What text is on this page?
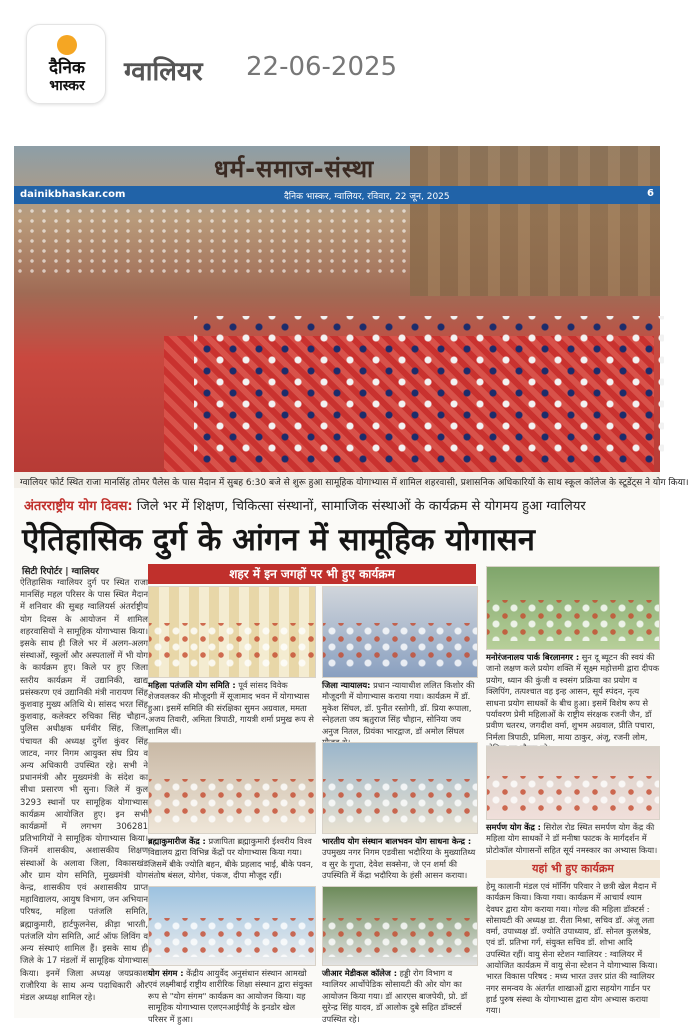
दैनिक
भास्कर	ग्वालियर 22-06-2025
धर्म-समाज-संस्था
dainikbhaskar.com	दैनिक भास्कर, ग्वालियर, रविवार, 22 जून, 2025	6
ग्वालियर फोर्ट स्थित राजा मानसिंह तोमर पैलेस के पास मैदान में सुबह 6:30 बजे से शुरू हुआ सामूहिक योगाभ्यास में शामिल शहरवासी, प्रशासनिक अधिकारियों के साथ स्कूल कॉलेज के स्टूडेंट्स ने योग किया।
अंतरराष्ट्रीय योग दिवस: जिले भर में शिक्षण, चिकित्सा संस्थानों, सामाजिक संस्थाओं के कार्यक्रम से योगमय हुआ ग्वालियर
ऐतिहासिक दुर्ग के आंगन में सामूहिक योगासन
सिटी रिपोर्टर | ग्वालियर
ऐतिहासिक ग्वालियर दुर्ग पर स्थित राजा मानसिंह महल परिसर के पास स्थित मैदान में शनिवार की सुबह ग्वालियर्स अंतर्राष्ट्रीय योग दिवस के आयोजन में शामिल शहरवासियों ने सामूहिक योगाभ्यास किया। इसके साथ ही जिले भर में अलग-अलग संस्थाओं, स्कूलों और अस्पतालों में भी योग के कार्यक्रम हुए। किले पर हुए जिला स्तरीय कार्यक्रम में उद्यानिकी, खाद्य प्रसंस्करण एवं उद्यानिकी मंत्री नारायण सिंह कुशवाह मुख्य अतिथि थे। सांसद भरत सिंह कुशवाह, कलेक्टर रुचिका सिंह चौहान, पुलिस अधीक्षक धर्मवीर सिंह, जिला पंचायत की अध्यक्ष दुर्गेश कुंवर सिंह जाटव, नगर निगम आयुक्त संघ प्रिय व अन्य अधिकारी उपस्थित रहे। सभी ने प्रधानमंत्री और मुख्यमंत्री के संदेश का सीधा प्रसारण भी सुना। जिले में कुल 3293 स्थानों पर सामूहिक योगाभ्यास कार्यक्रम आयोजित हुए। इन सभी कार्यक्रमों में लगभग 306281 प्रतिभागियों ने सामूहिक योगाभ्यास किया। जिनमें शासकीय, अशासकीय शिक्षण संस्थाओं के अलावा जिला, विकासखंड और ग्राम योग समिति, मुख्यमंत्री योग केन्द्र, शासकीय एवं अशासकीय प्राप्त महाविद्यालय, आयुष विभाग, जन अभियान परिषद, महिला पतंजलि समिति, ब्रह्माकुमारी, हार्टफुलनेस, क्रीड़ा भारती, पतंजलि योग समिति, आर्ट ऑफ लिविंग व अन्य संस्थाएं शामिल हैं। इसके साथ ही जिले के 17 मंडलों में सामूहिक योगाभ्यास किया। इनमें जिला अध्यक्ष जयप्रकाश राजौरिया के साथ अन्य पदाधिकारी और मंडल अध्यक्ष शामिल रहे।
शहर में इन जगहों पर भी हुए कार्यक्रम
महिला पतंजलि योग समिति : पूर्व सांसद विवेक शेजवलकर की मौजूदगी में सूजामाद भवन में योगाभ्यास हुआ। इसमें समिति की संरक्षिका सुमन अग्रवाल, ममता अजय तिवारी, अमिता त्रिपाठी, गायत्री शर्मा प्रमुख रूप से शामिल थीं।
जिला न्यायालय: प्रधान न्यायाधीश ललित किशोर की मौजूदगी में योगाभ्यास कराया गया। कार्यक्रम में डॉ. मुकेश सिंघल, डॉ. पुनीत रस्तोगी, डॉ. प्रिया रूपाला, स्नेहलता जय ऋतुराज सिंह चौहान, सोनिया जय अनुज नितल, प्रियंका भारद्वाज, डॉ अमोल सिंघल
मनोरंजनालय पार्क बिरलानगर : सुन दू ब्यूटन की स्वयं की जानो लक्षण कले प्रयोग शक्ति में सूक्ष्म महोत्तमी द्वारा दीपक प्रयोग, ध्यान की कुंजी व स्वसंग प्रक्रिया का प्रयोग व क्लिपिंग, तत्पश्चात वह इन्ह आसन, सूर्य स्पंदन, नृत्य साधना प्रयोग साधकों के बीच हुआ। इसमें विशेष रूप से पर्यावरण प्रेमी महिलाओं के राष्ट्रीय संरक्षक रजनी जैन, डॉ प्रवीण चतरथ, जगदीश वर्मा, शुभम अग्रवाल, प्रीति पचारा, निर्मला त्रिपाठी, प्रमिला, माया ठाकुर, अंजू, रजनी लोम,
ब्रह्माकुमारीज केंद्र : प्रजापिता ब्रह्माकुमारी ईश्वरीय विश्व विद्यालय द्वारा विभिन्न केंद्रों पर योगाभ्यास किया गया। जिसमें बीके ज्योति बहन, बीके प्रहलाद भाई, बीके पवन, संतोष बंसल, योगेश, पंकज, दीपा मौजूद रहीं।
भारतीय योग संस्थान बालभवन योग साधना केन्द्र : उपमुख्य नगर निगम एडवीसा भदौरिया के मुख्यातिथ्य व सुर के गुप्ता, देवेश सक्सेना, जे एन शर्मा की उपस्थिति में केंद्रा भदौरिया के हंसी आसन कराया।
समर्पण योग केंद्र : सिरोल रोड स्थित समर्पण योग केंद्र की महिला योग साधकों ने डॉ मनीषा फाटक के मार्गदर्शन में प्रोटोकॉल योगासनों सहित सूर्य नमस्कार का अभ्यास किया।
योग संगम : केंद्रीय आयुर्वेद अनुसंधान संस्थान आमखो एवं लक्ष्मीबाई राष्ट्रीय शारीरिक शिक्षा संस्थान द्वारा संयुक्त रूप से "योग संगम" कार्यक्रम का आयोजन किया। यह सामूहिक योगाभ्यास एलएनआईपीई के इनडोर खेल परिसर में हुआ।
जीआर मेडीकल कॉलेज : हड्डी रोग विभाग व ग्वालियर आर्थोपेडिक सोसायटी की ओर योग का आयोजन किया गया। डॉ आरएस बाजपेयी, प्रो. डॉ सुरेन्द्र सिंह यादव, डॉ आलोक दुबे सहित डॉक्टर्स उपस्थित रहे।
यहां भी हुए कार्यक्रम
हेमू कालानी मंडल एवं मॉर्निंग परिवार ने छत्री खेल मैदान में कार्यक्रम किया। किया गया। कार्यक्रम में आचार्य श्याम देवघर द्वारा योग कराया गया। गोल्ड की महिला डॉक्टर्स : सोसायटी की अध्यक्ष डा. रीता मिश्रा, सचिव डॉ. अंजू लता वर्मा, उपाध्यक्ष डॉ. ज्योति उपाध्याय, डॉ. सोनल कुलश्रेष्ठ, एवं डॉ. प्रतिभा गर्ग, संयुक्त सचिव डॉ. शोभा आदि उपस्थित रहीं। वायु सेना स्टेशन ग्वालियर : ग्वालियर में आयोजित कार्यक्रम में वायु सेना स्टेशन ने योगाभ्यास किया। भारत विकास परिषद : मध्य भारत उत्तर प्रांत की ग्वालियर नगर समन्वय के अंतर्गत शाखाओं द्वारा सहयोग गार्डन पर हार्ड पुरुष संस्था के योगाभ्यास द्वारा योग अभ्यास कराया गया।
